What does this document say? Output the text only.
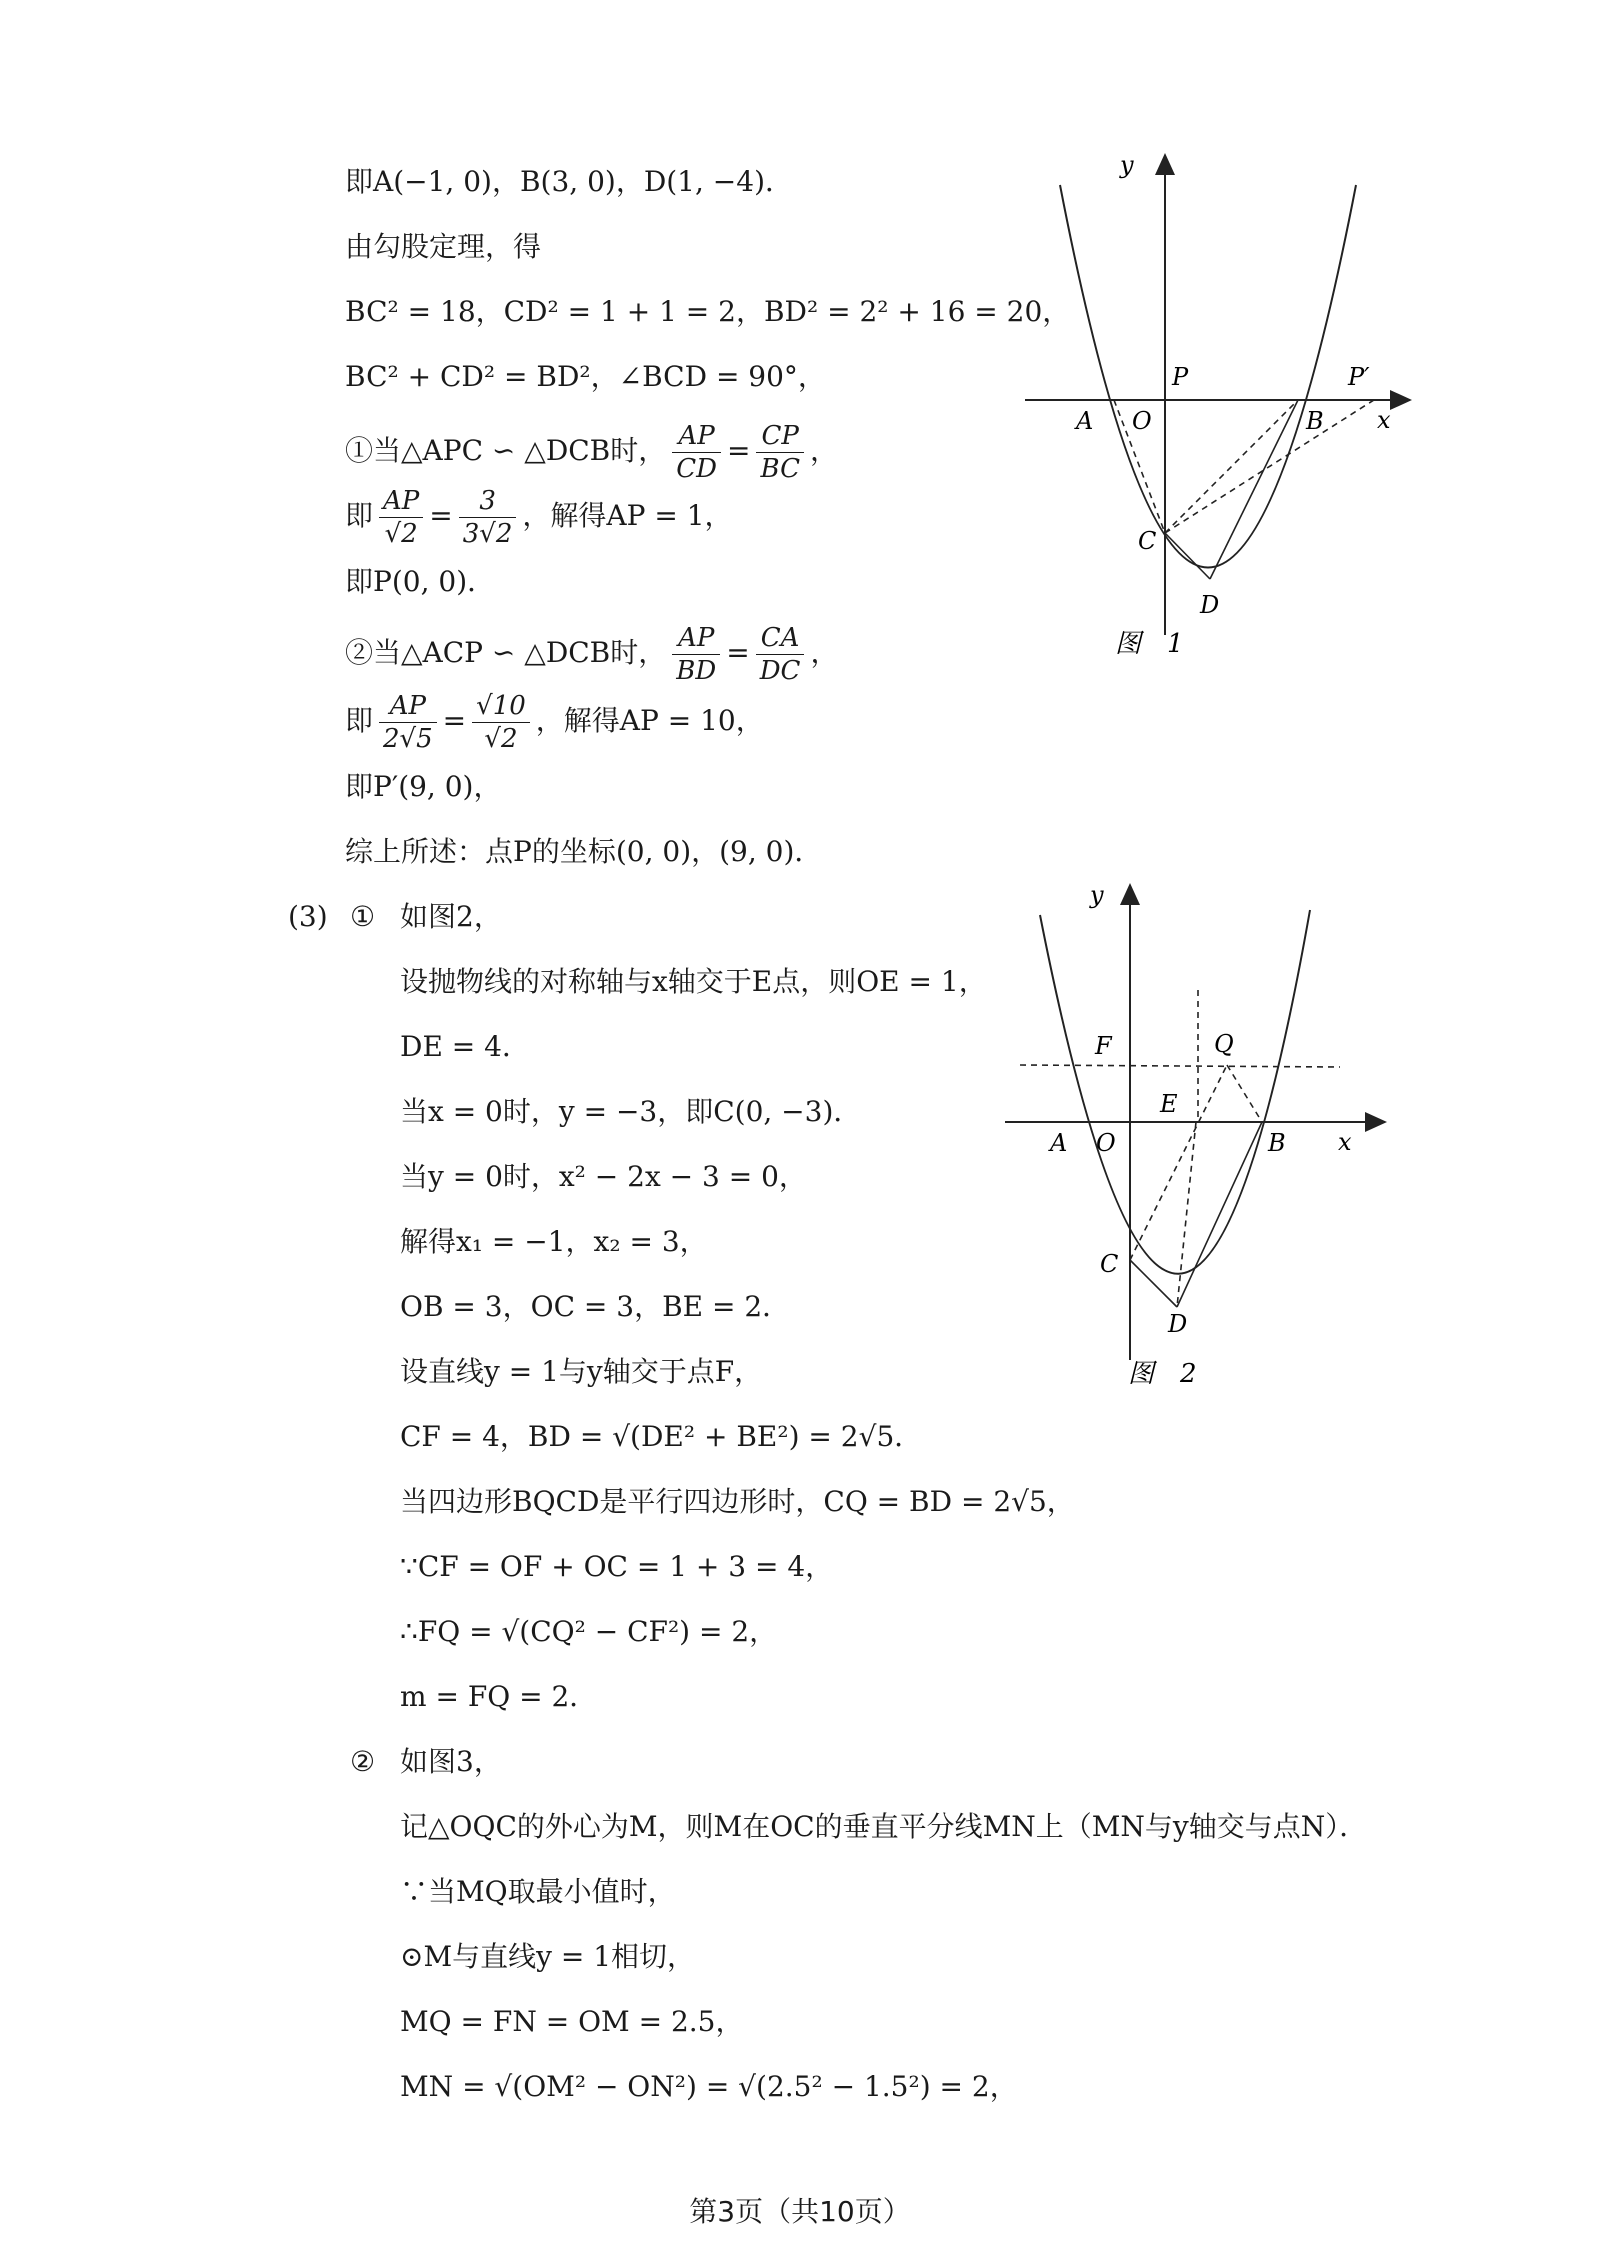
即A(−1, 0)，B(3, 0)，D(1, −4)．
由勾股定理，得
BC² = 18，CD² = 1 + 1 = 2，BD² = 2² + 16 = 20，
BC² + CD² = BD²，∠BCD = 90°，
①当△APC ∽ △DCB时， $\frac{AP}{CD} = \frac{CP}{BC}$ ，
即 $\frac{AP}{√2} = \frac{3}{3√2}$ ，解得AP = 1，
即P(0, 0)．
②当△ACP ∽ △DCB时， $\frac{AP}{BD} = \frac{CA}{DC}$ ，
即 $\frac{AP}{2√5} = \frac{√10}{√2}$ ，解得AP = 10，
即P′(9, 0)，
综上所述：点P的坐标(0, 0)，(9, 0)．
(3) ① 如图2，
设抛物线的对称轴与x轴交于E点，则OE = 1，
DE = 4．
当x = 0时，y = −3，即C(0, −3)．
当y = 0时，x² − 2x − 3 = 0，
解得x₁ = −1，x₂ = 3，
OB = 3，OC = 3，BE = 2．
设直线y = 1与y轴交于点F，
CF = 4，BD = √(DE² + BE²) = 2√5．
当四边形BQCD是平行四边形时，CQ = BD = 2√5，
∵CF = OF + OC = 1 + 3 = 4，
∴FQ = √(CQ² − CF²) = 2，
m = FQ = 2．
② 如图3，
记△OQC的外心为M，则M在OC的垂直平分线MN上（MN与y轴交与点N）．
∵当MQ取最小值时，
⊙M与直线y = 1相切，
MQ = FN = OM = 2.5，
MN = √(OM² − ON²) = √(2.5² − 1.5²) = 2，
y
x
P	P′
A O	B
C
D
图　1
y
x
F	Q
E
A O	B
C
D
图　2
第3页（共10页）
